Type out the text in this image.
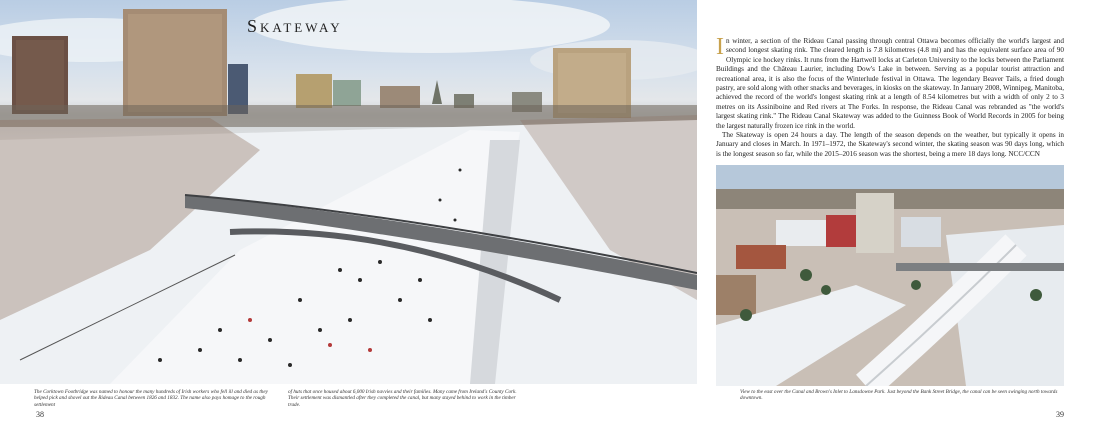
Skateway
The Corktown Footbridge was named to honour the many hundreds of Irish workers who fell ill and died as they helped pick and shovel out the Rideau Canal between 1826 and 1832. The name also pays homage to the rough settlement
of huts that once housed about 6,000 Irish navvies and their families. Many came from Ireland's County Cork. Their settlement was dismantled after they completed the canal, but many stayed behind to work in the timber trade.
38

In winter, a section of the Rideau Canal passing through central Ottawa becomes officially the world's largest and second longest skating rink. The cleared length is 7.8 kilometres (4.8 mi) and has the equivalent surface area of 90 Olympic ice hockey rinks. It runs from the Hartwell locks at Carleton University to the locks between the Parliament Buildings and the Château Laurier, including Dow's Lake in between. Serving as a popular tourist attraction and recreational area, it is also the focus of the Winterlude festival in Ottawa. The legendary Beaver Tails, a fried dough pastry, are sold along with other snacks and beverages, in kiosks on the skateway. In January 2008, Winnipeg, Manitoba, achieved the record of the world's longest skating rink at a length of 8.54 kilometres but with a width of only 2 to 3 metres on its Assiniboine and Red rivers at The Forks. In response, the Rideau Canal was rebranded as "the world's largest skating rink." The Rideau Canal Skateway was added to the Guinness Book of World Records in 2005 for being the largest naturally frozen ice rink in the world.

The Skateway is open 24 hours a day. The length of the season depends on the weather, but typically it opens in January and closes in March. In 1971–1972, the Skateway's second winter, the skating season was 90 days long, which is the longest season so far, while the 2015–2016 season was the shortest, being a mere 18 days long. NCC/CCN

View to the east over the Canal and Brown's Inlet to Lansdowne Park. Just beyond the Bank Street Bridge, the canal can be seen swinging north towards downtown.
39
